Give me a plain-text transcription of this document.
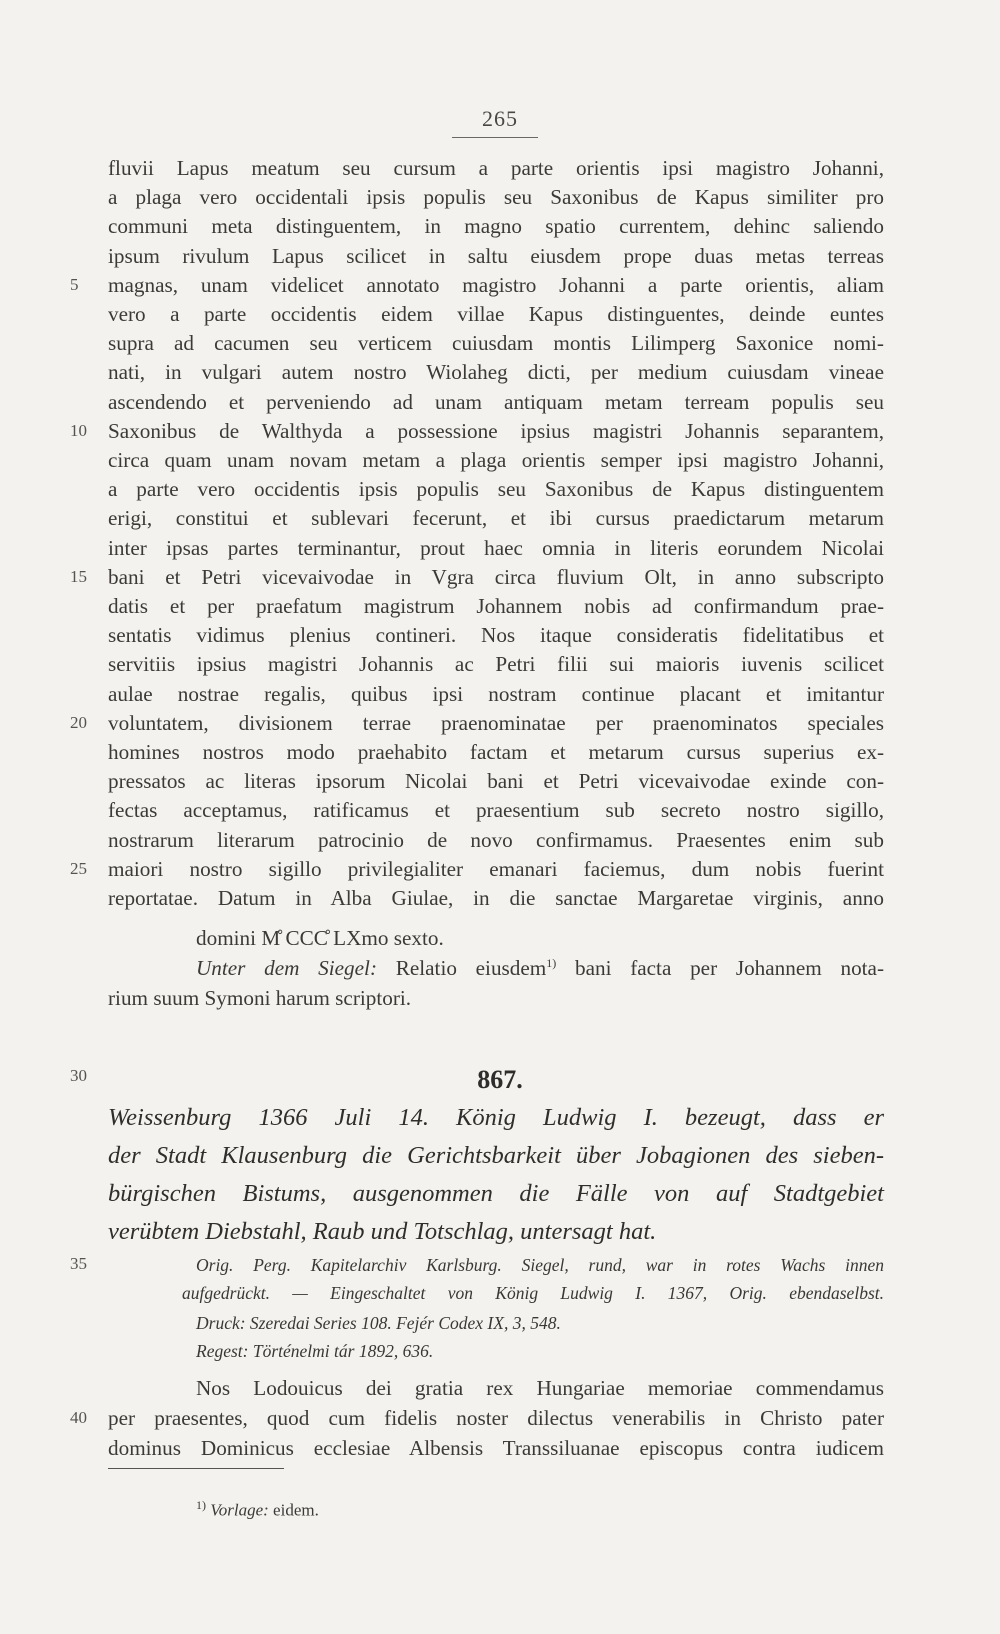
265
fluvii Lapus meatum seu cursum a parte orientis ipsi magistro Johanni,
a plaga vero occidentali ipsis populis seu Saxonibus de Kapus similiter pro
communi meta distinguentem, in magno spatio currentem, dehinc saliendo
ipsum rivulum Lapus scilicet in saltu eiusdem prope duas metas terreas
magnas, unam videlicet annotato magistro Johanni a parte orientis, aliam
5
vero a parte occidentis eidem villae Kapus distinguentes, deinde euntes
supra ad cacumen seu verticem cuiusdam montis Lilimperg Saxonice nomi-
nati, in vulgari autem nostro Wiolaheg dicti, per medium cuiusdam vineae
ascendendo et perveniendo ad unam antiquam metam terream populis seu
Saxonibus de Walthyda a possessione ipsius magistri Johannis separantem,
10
circa quam unam novam metam a plaga orientis semper ipsi magistro Johanni,
a parte vero occidentis ipsis populis seu Saxonibus de Kapus distinguentem
erigi, constitui et sublevari fecerunt, et ibi cursus praedictarum metarum
inter ipsas partes terminantur, prout haec omnia in literis eorundem Nicolai
bani et Petri vicevaivodae in Vgra circa fluvium Olt, in anno subscripto
15
datis et per praefatum magistrum Johannem nobis ad confirmandum prae-
sentatis vidimus plenius contineri. Nos itaque consideratis fidelitatibus et
servitiis ipsius magistri Johannis ac Petri filii sui maioris iuvenis scilicet
aulae nostrae regalis, quibus ipsi nostram continue placant et imitantur
voluntatem, divisionem terrae praenominatae per praenominatos speciales
20
homines nostros modo praehabito factam et metarum cursus superius ex-
pressatos ac literas ipsorum Nicolai bani et Petri vicevaivodae exinde con-
fectas acceptamus, ratificamus et praesentium sub secreto nostro sigillo,
nostrarum literarum patrocinio de novo confirmamus. Praesentes enim sub
maiori nostro sigillo privilegialiter emanari faciemus, dum nobis fuerint
25
reportatae. Datum in Alba Giulae, in die sanctae Margaretae virginis, anno
domini M̊ CCC̊ LXmo sexto.
Unter dem Siegel: Relatio eiusdem$^{1)}$ bani facta per Johannem nota-
rium suum Symoni harum scriptori.
30	867.
Weissenburg 1366 Juli 14. König Ludwig I. bezeugt, dass er
der Stadt Klausenburg die Gerichtsbarkeit über Jobagionen des sieben-
bürgischen Bistums, ausgenommen die Fälle von auf Stadtgebiet
verübtem Diebstahl, Raub und Totschlag, untersagt hat.
35	Orig. Perg. Kapitelarchiv Karlsburg. Siegel, rund, war in rotes Wachs innen
aufgedrückt. — Eingeschaltet von König Ludwig I. 1367, Orig. ebendaselbst.
Druck: Szeredai Series 108. Fejér Codex IX, 3, 548.
Regest: Történelmi tár 1892, 636.
Nos Lodouicus dei gratia rex Hungariae memoriae commendamus
40 per praesentes, quod cum fidelis noster dilectus venerabilis in Christo pater
dominus Dominicus ecclesiae Albensis Transsiluanae episcopus contra iudicem
$^{1)}$ Vorlage: eidem.
